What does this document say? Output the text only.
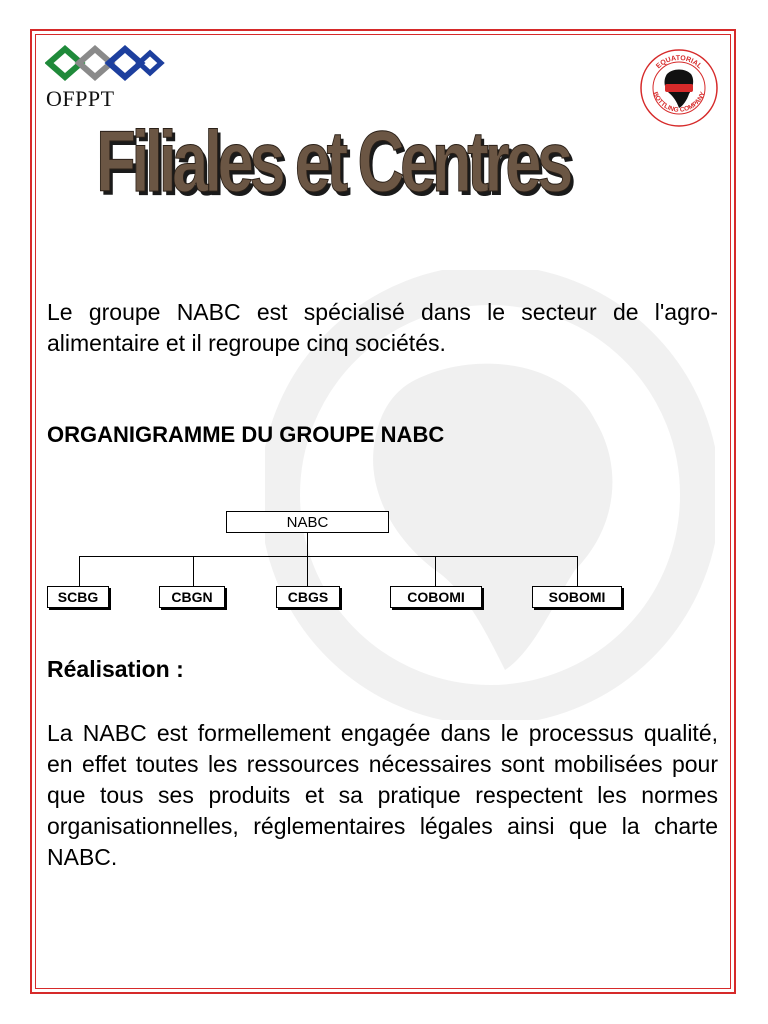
OFPPT
EQUATORIAL
BOTTLING COMPANY
Filiales et Centres

Le groupe NABC est spécialisé dans le secteur de l'agro-alimentaire et il regroupe cinq sociétés.

ORGANIGRAMME DU GROUPE NABC
NABC
SCBG	CBGN	CBGS	COBOMI	SOBOMI
Réalisation :

La NABC est formellement engagée dans le processus qualité, en effet toutes les ressources nécessaires sont mobilisées pour que tous ses produits et sa pratique respectent les normes organisationnelles, réglementaires légales ainsi que la charte NABC.
